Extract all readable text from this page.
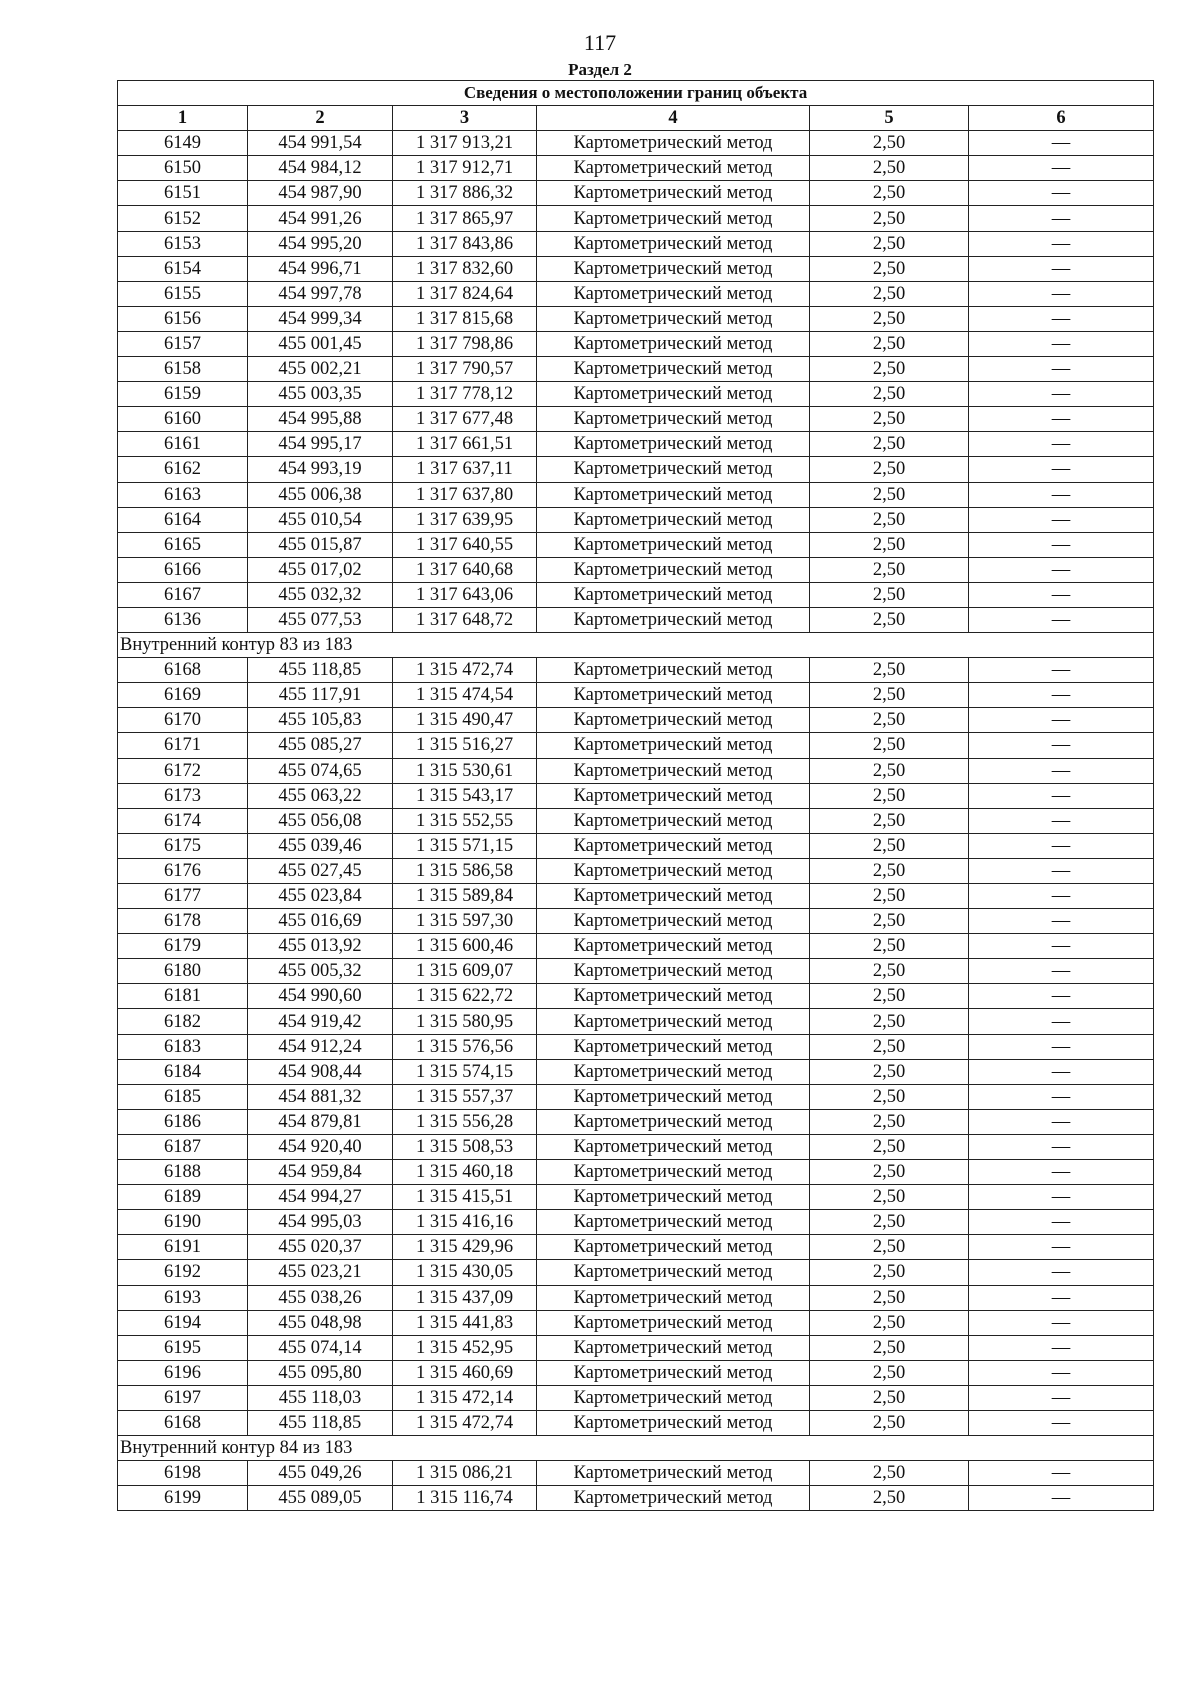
117
Раздел 2
Сведения о местоположении границ объекта					
1	2	3	4	5	6
6149	454 991,54	1 317 913,21	Картометрический метод	2,50	—
6150	454 984,12	1 317 912,71	Картометрический метод	2,50	—
6151	454 987,90	1 317 886,32	Картометрический метод	2,50	—
6152	454 991,26	1 317 865,97	Картометрический метод	2,50	—
6153	454 995,20	1 317 843,86	Картометрический метод	2,50	—
6154	454 996,71	1 317 832,60	Картометрический метод	2,50	—
6155	454 997,78	1 317 824,64	Картометрический метод	2,50	—
6156	454 999,34	1 317 815,68	Картометрический метод	2,50	—
6157	455 001,45	1 317 798,86	Картометрический метод	2,50	—
6158	455 002,21	1 317 790,57	Картометрический метод	2,50	—
6159	455 003,35	1 317 778,12	Картометрический метод	2,50	—
6160	454 995,88	1 317 677,48	Картометрический метод	2,50	—
6161	454 995,17	1 317 661,51	Картометрический метод	2,50	—
6162	454 993,19	1 317 637,11	Картометрический метод	2,50	—
6163	455 006,38	1 317 637,80	Картометрический метод	2,50	—
6164	455 010,54	1 317 639,95	Картометрический метод	2,50	—
6165	455 015,87	1 317 640,55	Картометрический метод	2,50	—
6166	455 017,02	1 317 640,68	Картометрический метод	2,50	—
6167	455 032,32	1 317 643,06	Картометрический метод	2,50	—
6136	455 077,53	1 317 648,72	Картометрический метод	2,50	—
Внутренний контур 83 из 183					
6168	455 118,85	1 315 472,74	Картометрический метод	2,50	—
6169	455 117,91	1 315 474,54	Картометрический метод	2,50	—
6170	455 105,83	1 315 490,47	Картометрический метод	2,50	—
6171	455 085,27	1 315 516,27	Картометрический метод	2,50	—
6172	455 074,65	1 315 530,61	Картометрический метод	2,50	—
6173	455 063,22	1 315 543,17	Картометрический метод	2,50	—
6174	455 056,08	1 315 552,55	Картометрический метод	2,50	—
6175	455 039,46	1 315 571,15	Картометрический метод	2,50	—
6176	455 027,45	1 315 586,58	Картометрический метод	2,50	—
6177	455 023,84	1 315 589,84	Картометрический метод	2,50	—
6178	455 016,69	1 315 597,30	Картометрический метод	2,50	—
6179	455 013,92	1 315 600,46	Картометрический метод	2,50	—
6180	455 005,32	1 315 609,07	Картометрический метод	2,50	—
6181	454 990,60	1 315 622,72	Картометрический метод	2,50	—
6182	454 919,42	1 315 580,95	Картометрический метод	2,50	—
6183	454 912,24	1 315 576,56	Картометрический метод	2,50	—
6184	454 908,44	1 315 574,15	Картометрический метод	2,50	—
6185	454 881,32	1 315 557,37	Картометрический метод	2,50	—
6186	454 879,81	1 315 556,28	Картометрический метод	2,50	—
6187	454 920,40	1 315 508,53	Картометрический метод	2,50	—
6188	454 959,84	1 315 460,18	Картометрический метод	2,50	—
6189	454 994,27	1 315 415,51	Картометрический метод	2,50	—
6190	454 995,03	1 315 416,16	Картометрический метод	2,50	—
6191	455 020,37	1 315 429,96	Картометрический метод	2,50	—
6192	455 023,21	1 315 430,05	Картометрический метод	2,50	—
6193	455 038,26	1 315 437,09	Картометрический метод	2,50	—
6194	455 048,98	1 315 441,83	Картометрический метод	2,50	—
6195	455 074,14	1 315 452,95	Картометрический метод	2,50	—
6196	455 095,80	1 315 460,69	Картометрический метод	2,50	—
6197	455 118,03	1 315 472,14	Картометрический метод	2,50	—
6168	455 118,85	1 315 472,74	Картометрический метод	2,50	—
Внутренний контур 84 из 183					
6198	455 049,26	1 315 086,21	Картометрический метод	2,50	—
6199	455 089,05	1 315 116,74	Картометрический метод	2,50	—
